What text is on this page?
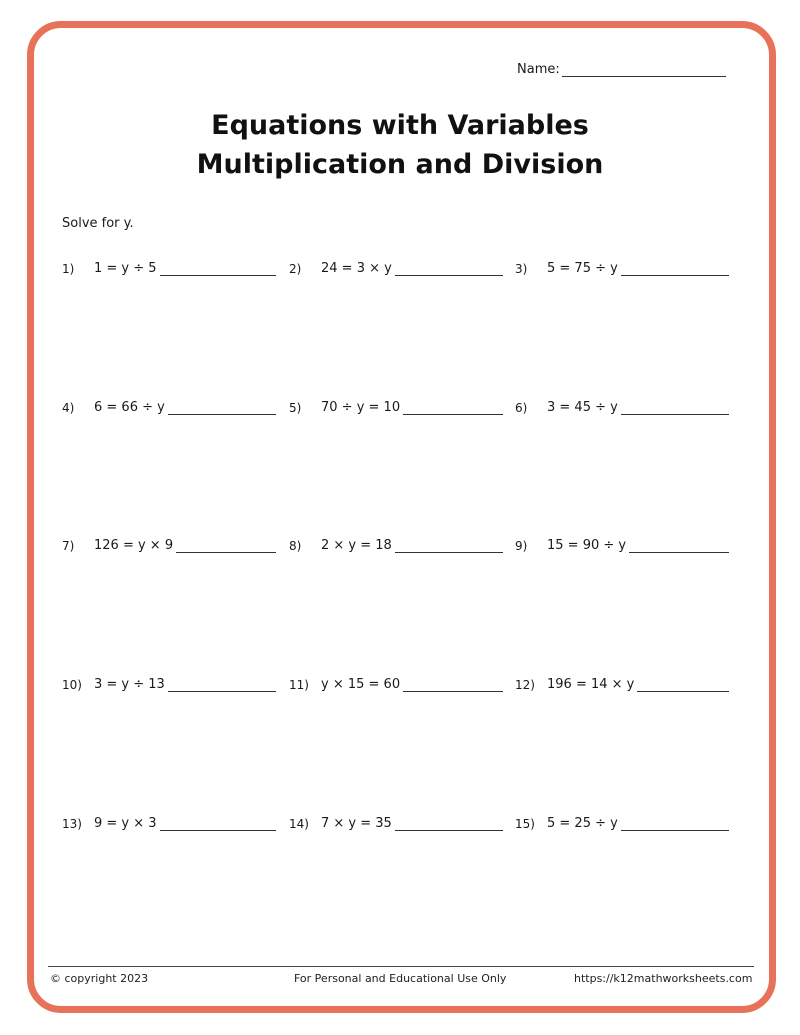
Name:
Equations with Variables
Multiplication and Division
Solve for y.
1)	1 = y ÷ 5	2)	24 = 3 × y	3)	5 = 75 ÷ y
4)	6 = 66 ÷ y	5)	70 ÷ y = 10	6)	3 = 45 ÷ y
7)	126 = y × 9	8)	2 × y = 18	9)	15 = 90 ÷ y
10) 3 = y ÷ 13	11) y × 15 = 60	12) 196 = 14 × y
13) 9 = y × 3	14) 7 × y = 35	15) 5 = 25 ÷ y
© copyright 2023	For Personal and Educational Use Only	https://k12mathworksheets.com
